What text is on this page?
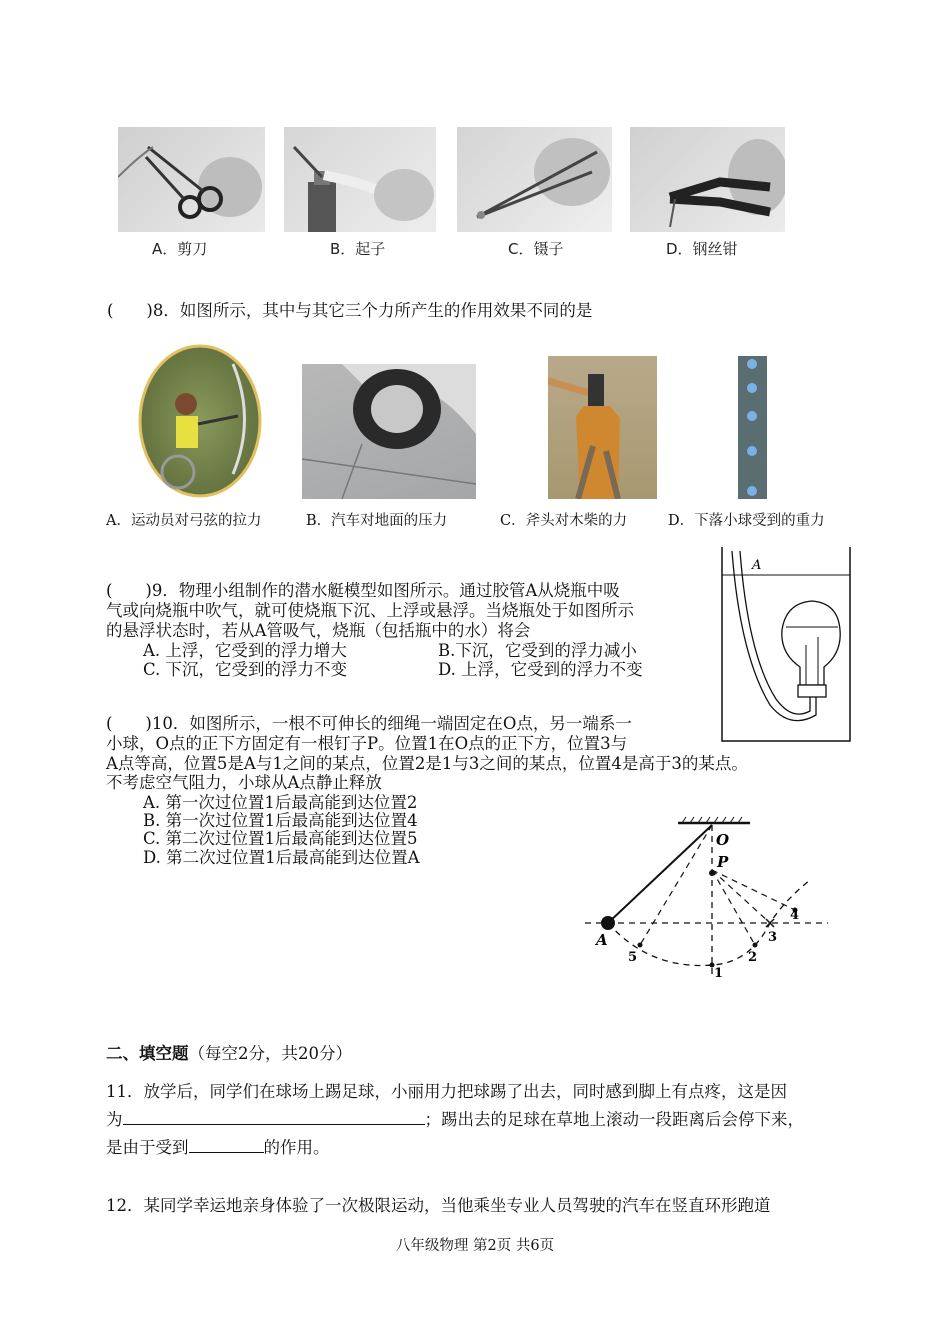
A．剪刀	B．起子	C．镊子	D．钢丝钳
(　　)8．如图所示，其中与其它三个力所产生的作用效果不同的是
A．运动员对弓弦的拉力	B．汽车对地面的压力	C．斧头对木柴的力	D．下落小球受到的重力
A
(　　)9．物理小组制作的潜水艇模型如图所示。通过胶管A从烧瓶中吸
气或向烧瓶中吹气，就可使烧瓶下沉、上浮或悬浮。当烧瓶处于如图所示
的悬浮状态时，若从A管吸气，烧瓶（包括瓶中的水）将会
A. 上浮，它受到的浮力增大	B.下沉，它受到的浮力减小
C. 下沉，它受到的浮力不变	D. 上浮，它受到的浮力不变
(　　)10．如图所示，一根不可伸长的细绳一端固定在O点，另一端系一
小球，O点的正下方固定有一根钉子P。位置1在O点的正下方，位置3与
A点等高，位置5是A与1之间的某点，位置2是1与3之间的某点，位置4是高于3的某点。
不考虑空气阻力，小球从A点静止释放
A. 第一次过位置1后最高能到达位置2
B. 第一次过位置1后最高能到达位置4
C. 第二次过位置1后最高能到达位置5
D. 第二次过位置1后最高能到达位置A
O
P
A
1
2
3
4
5
二、填空题（每空2分，共20分）
11．放学后，同学们在球场上踢足球，小丽用力把球踢了出去，同时感到脚上有点疼，这是因
为	；踢出去的足球在草地上滚动一段距离后会停下来，
是由于受到	的作用。
12．某同学幸运地亲身体验了一次极限运动，当他乘坐专业人员驾驶的汽车在竖直环形跑道
八年级物理 第2页 共6页
